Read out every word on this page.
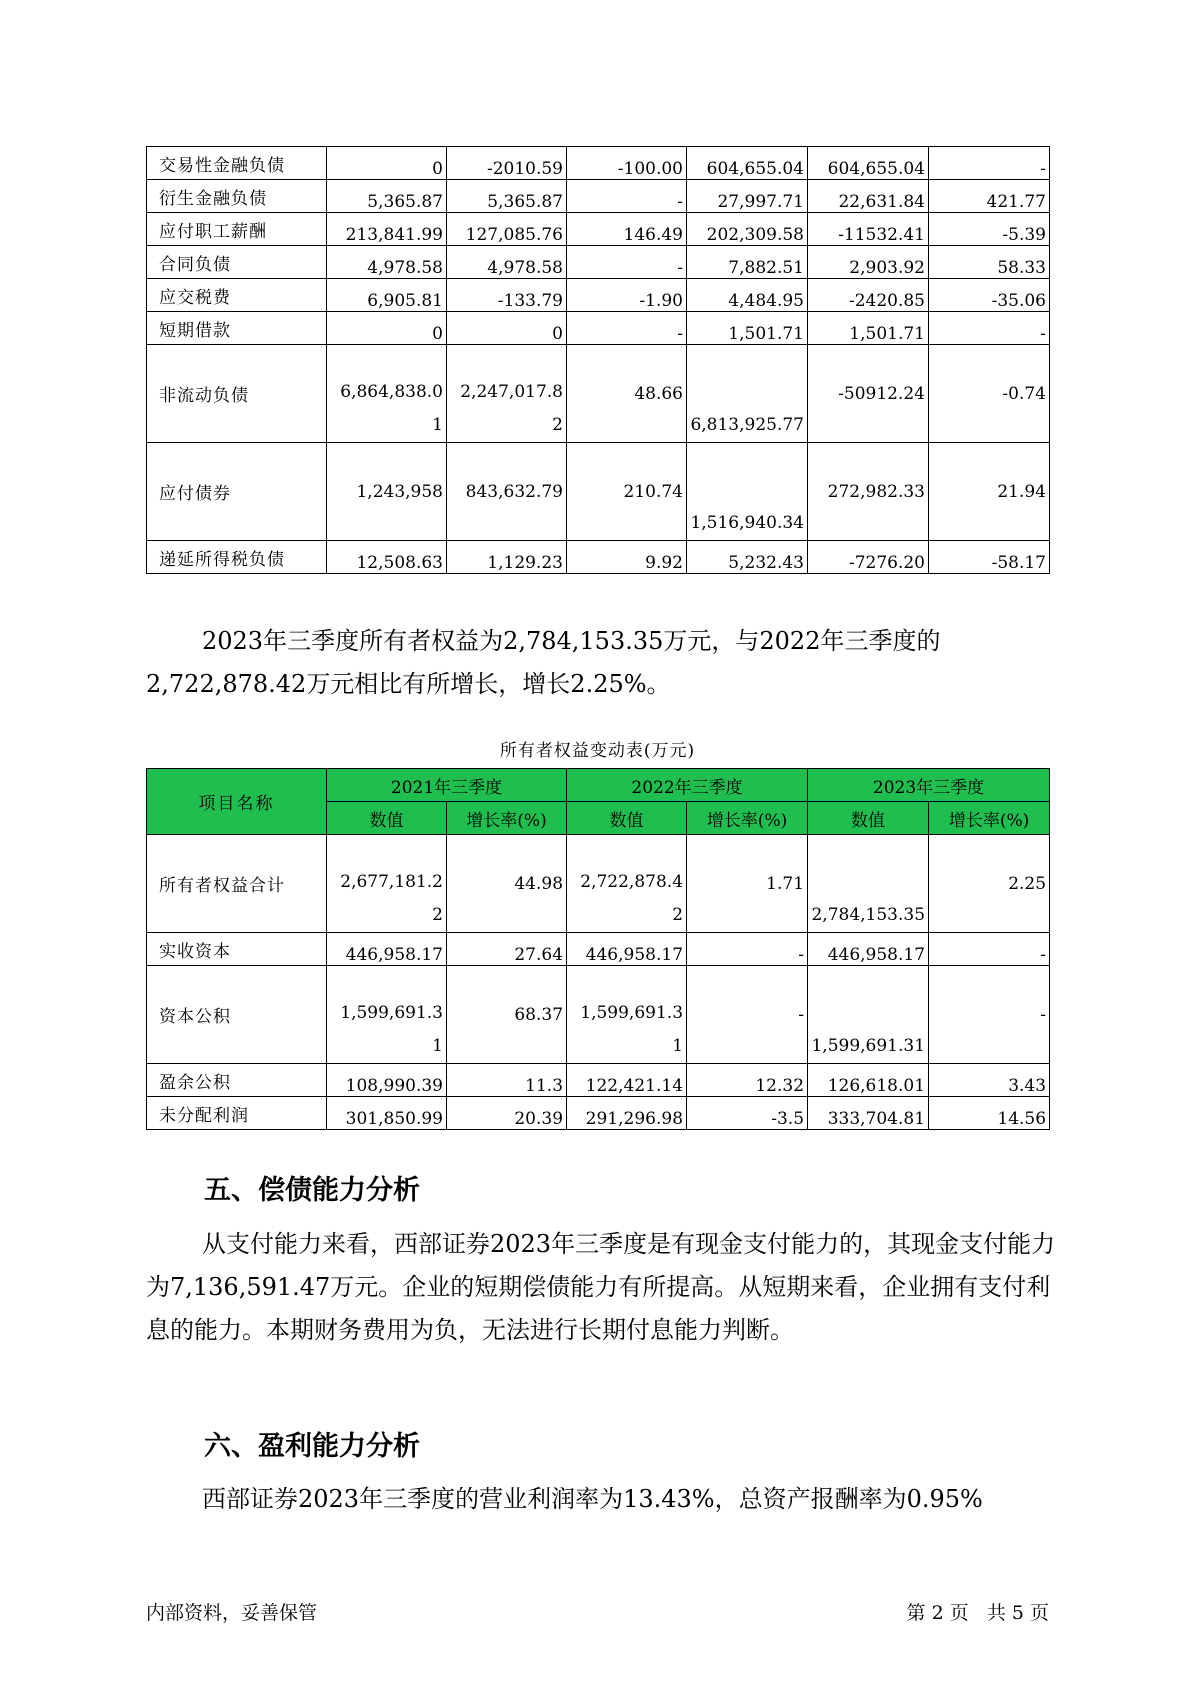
交易性金融负债	0	-2010.59	-100.00	604,655.04	604,655.04	-
衍生金融负债	5,365.87	5,365.87	-	27,997.71	22,631.84	421.77
应付职工薪酬	213,841.99	127,085.76	146.49	202,309.58	-11532.41	-5.39
合同负债	4,978.58	4,978.58	-	7,882.51	2,903.92	58.33
应交税费	6,905.81	-133.79	-1.90	4,484.95	-2420.85	-35.06
短期借款	0	0	-	1,501.71	1,501.71	-
非流动负债	6,864,838.01	2,247,017.82	48.66	6,813,925.77	-50912.24	-0.74
应付债券	1,243,958	843,632.79	210.74	1,516,940.34	272,982.33	21.94
递延所得税负债	12,508.63	1,129.23	9.92	5,232.43	-7276.20	-58.17

2023年三季度所有者权益为2,784,153.35万元，与2022年三季度的2,722,878.42万元相比有所增长，增长2.25%。

所有者权益变动表(万元)
项目名称	2021年三季度		2022年三季度		2023年三季度	
	数值	增长率(%)	数值	增长率(%)	数值	增长率(%)
所有者权益合计	2,677,181.22	44.98	2,722,878.42	1.71	2,784,153.35	2.25
实收资本	446,958.17	27.64	446,958.17	-	446,958.17	-
资本公积	1,599,691.31	68.37	1,599,691.31	-	1,599,691.31	-
盈余公积	108,990.39	11.3	122,421.14	12.32	126,618.01	3.43
未分配利润	301,850.99	20.39	291,296.98	-3.5	333,704.81	14.56
五、偿债能力分析

从支付能力来看，西部证券2023年三季度是有现金支付能力的，其现金支付能力为7,136,591.47万元。企业的短期偿债能力有所提高。从短期来看，企业拥有支付利息的能力。本期财务费用为负，无法进行长期付息能力判断。

六、盈利能力分析

西部证券2023年三季度的营业利润率为13.43%，总资产报酬率为0.95%

内部资料，妥善保管	第 2 页   共 5 页
